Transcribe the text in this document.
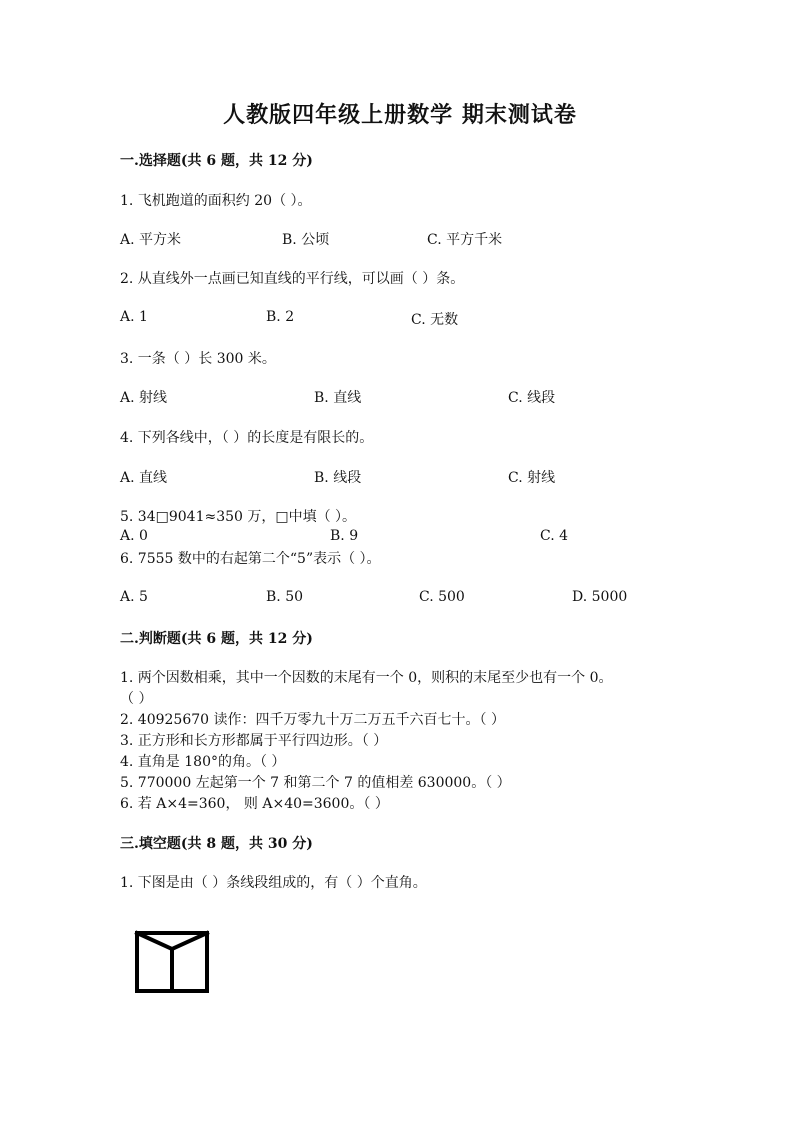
人教版四年级上册数学 期末测试卷
一.选择题(共 6 题，共 12 分)
1. 飞机跑道的面积约 20（ ）。
A. 平方米	B. 公顷	C. 平方千米
2. 从直线外一点画已知直线的平行线，可以画（ ）条。
A. 1	B. 2	C. 无数
3. 一条（ ）长 300 米。
A. 射线	B. 直线	C. 线段
4. 下列各线中，（ ）的长度是有限长的。
A. 直线	B. 线段	C. 射线
5. 34□9041≈350 万，□中填（ ）。
A. 0	B. 9	C. 4
6. 7555 数中的右起第二个“5”表示（ ）。
A. 5	B. 50	C. 500	D. 5000
二.判断题(共 6 题，共 12 分)
1. 两个因数相乘，其中一个因数的末尾有一个 0，则积的末尾至少也有一个 0。
（ ）
2. 40925670 读作：四千万零九十万二万五千六百七十。（ ）
3. 正方形和长方形都属于平行四边形。（ ）
4. 直角是 180°的角。（ ）
5. 770000 左起第一个 7 和第二个 7 的值相差 630000。（ ）
6. 若 A×4=360， 则 A×40=3600。（ ）
三.填空题(共 8 题，共 30 分)
1. 下图是由（ ）条线段组成的，有（ ）个直角。
